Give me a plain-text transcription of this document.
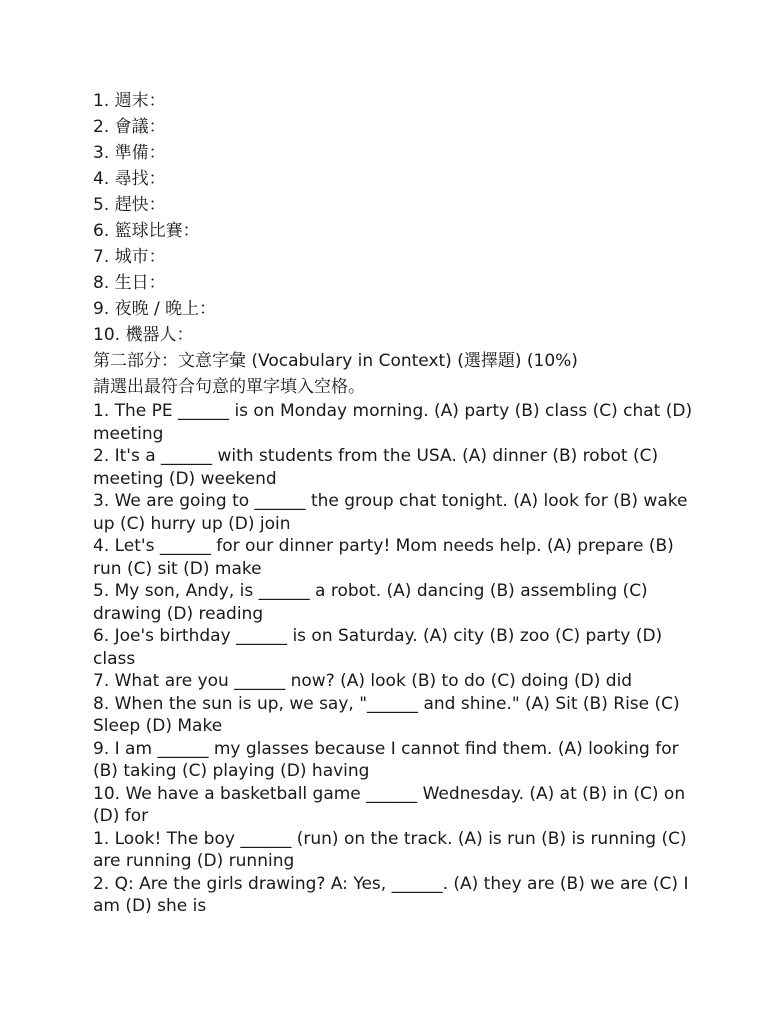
1. 週末：
2. 會議：
3. 準備：
4. 尋找：
5. 趕快：
6. 籃球比賽：
7. 城市：
8. 生日：
9. 夜晚 / 晚上：
10. 機器人：
第二部分：文意字彙 (Vocabulary in Context) (選擇題) (10%)
請選出最符合句意的單字填入空格。

1. The PE ______ is on Monday morning. (A) party (B) class (C) chat (D)
meeting

2. It's a ______ with students from the USA. (A) dinner (B) robot (C)
meeting (D) weekend

3. We are going to ______ the group chat tonight. (A) look for (B) wake
up (C) hurry up (D) join

4. Let's ______ for our dinner party! Mom needs help. (A) prepare (B)
run (C) sit (D) make

5. My son, Andy, is ______ a robot. (A) dancing (B) assembling (C)
drawing (D) reading

6. Joe's birthday ______ is on Saturday. (A) city (B) zoo (C) party (D)
class

7. What are you ______ now? (A) look (B) to do (C) doing (D) did

8. When the sun is up, we say, "______ and shine." (A) Sit (B) Rise (C)
Sleep (D) Make

9. I am ______ my glasses because I cannot find them. (A) looking for
(B) taking (C) playing (D) having

10. We have a basketball game ______ Wednesday. (A) at (B) in (C) on
(D) for

1. Look! The boy ______ (run) on the track. (A) is run (B) is running (C)
are running (D) running

2. Q: Are the girls drawing? A: Yes, ______. (A) they are (B) we are (C) I
am (D) she is
